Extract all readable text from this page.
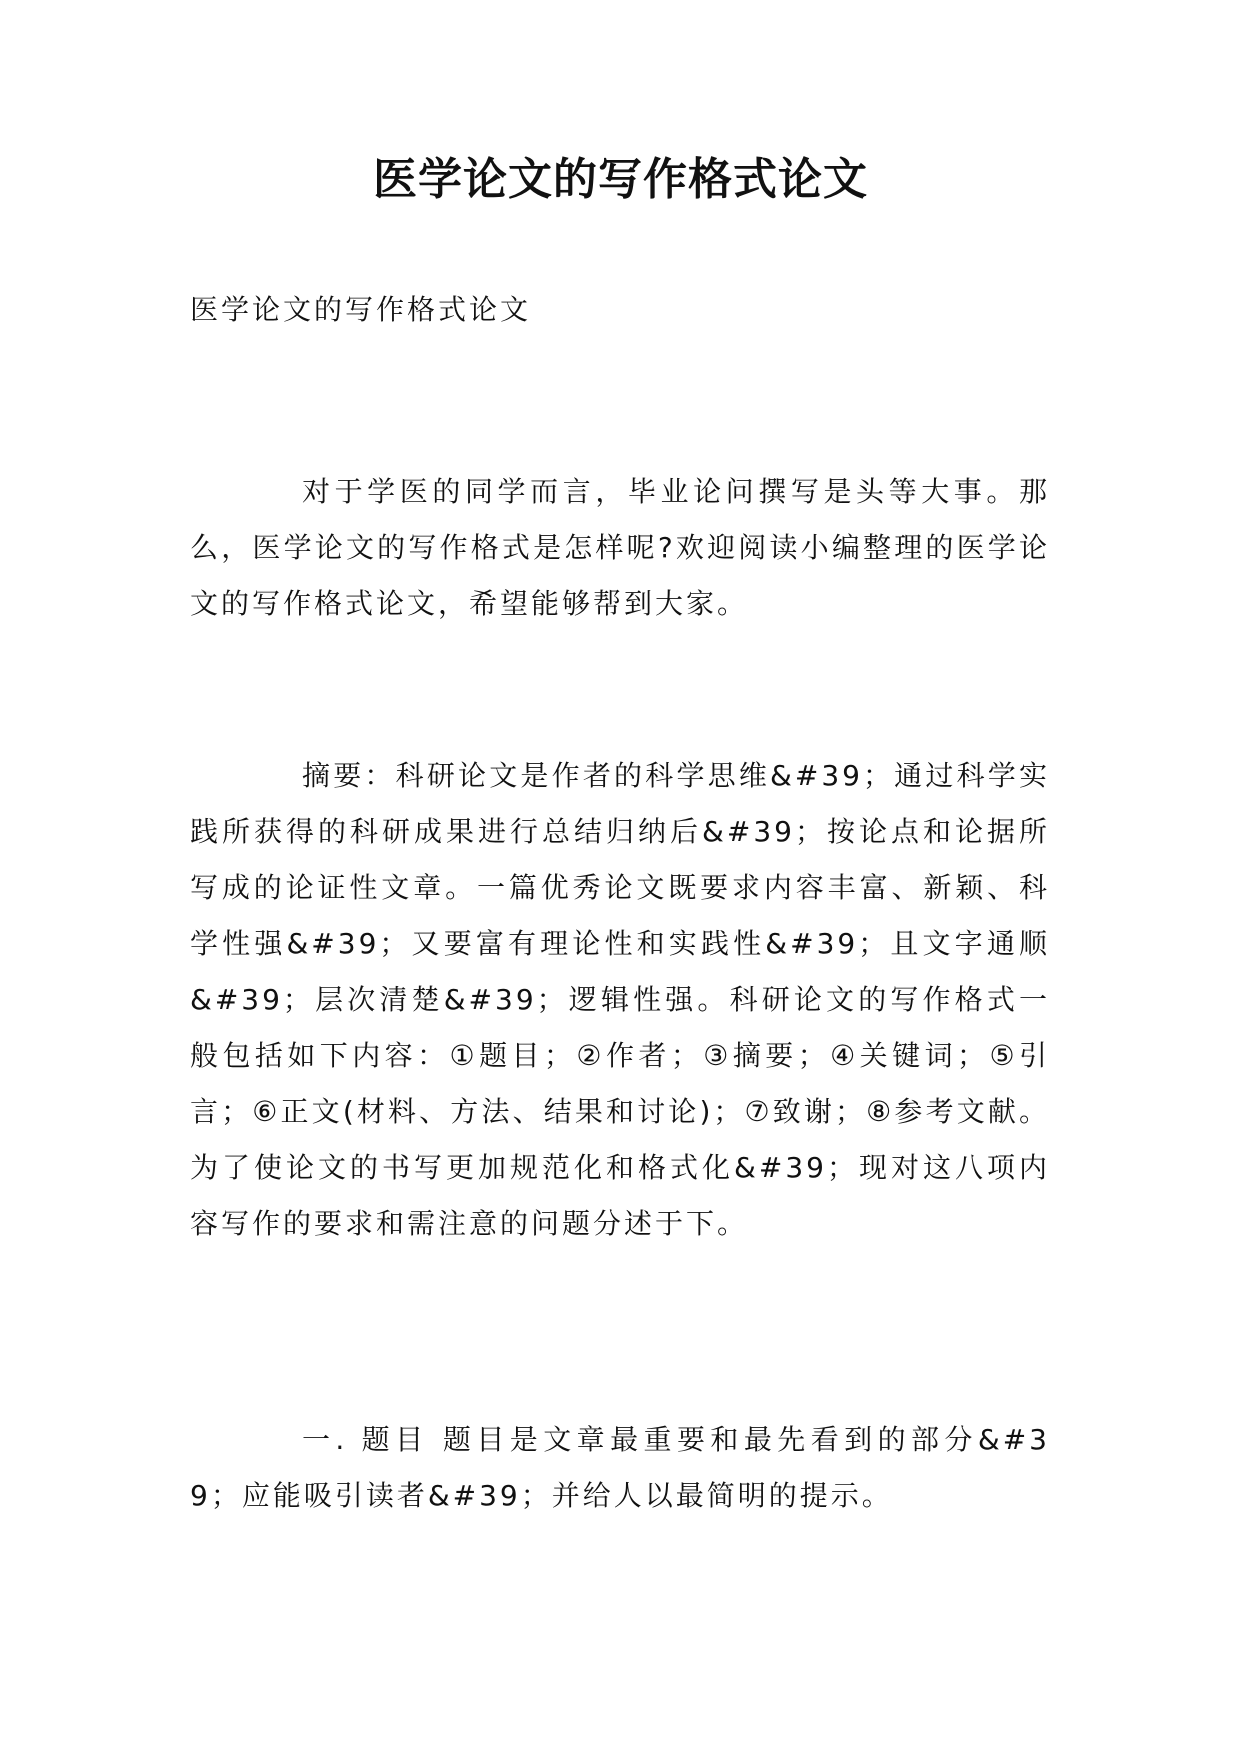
医学论文的写作格式论文

医学论文的写作格式论文

对于学医的同学而言，毕业论问撰写是头等大事。那么，医学论文的写作格式是怎样呢?欢迎阅读小编整理的医学论文的写作格式论文，希望能够帮到大家。

摘要：科研论文是作者的科学思维&#39；通过科学实践所获得的科研成果进行总结归纳后&#39；按论点和论据所写成的论证性文章。一篇优秀论文既要求内容丰富、新颖、科学性强&#39；又要富有理论性和实践性&#39；且文字通顺&#39；层次清楚&#39；逻辑性强。科研论文的写作格式一般包括如下内容：①题目；②作者；③摘要；④关键词；⑤引言；⑥正文(材料、方法、结果和讨论)；⑦致谢；⑧参考文献。为了使论文的书写更加规范化和格式化&#39；现对这八项内容写作的要求和需注意的问题分述于下。

一. 题目 题目是文章最重要和最先看到的部分&#39；应能吸引读者&#39；并给人以最简明的提示。
